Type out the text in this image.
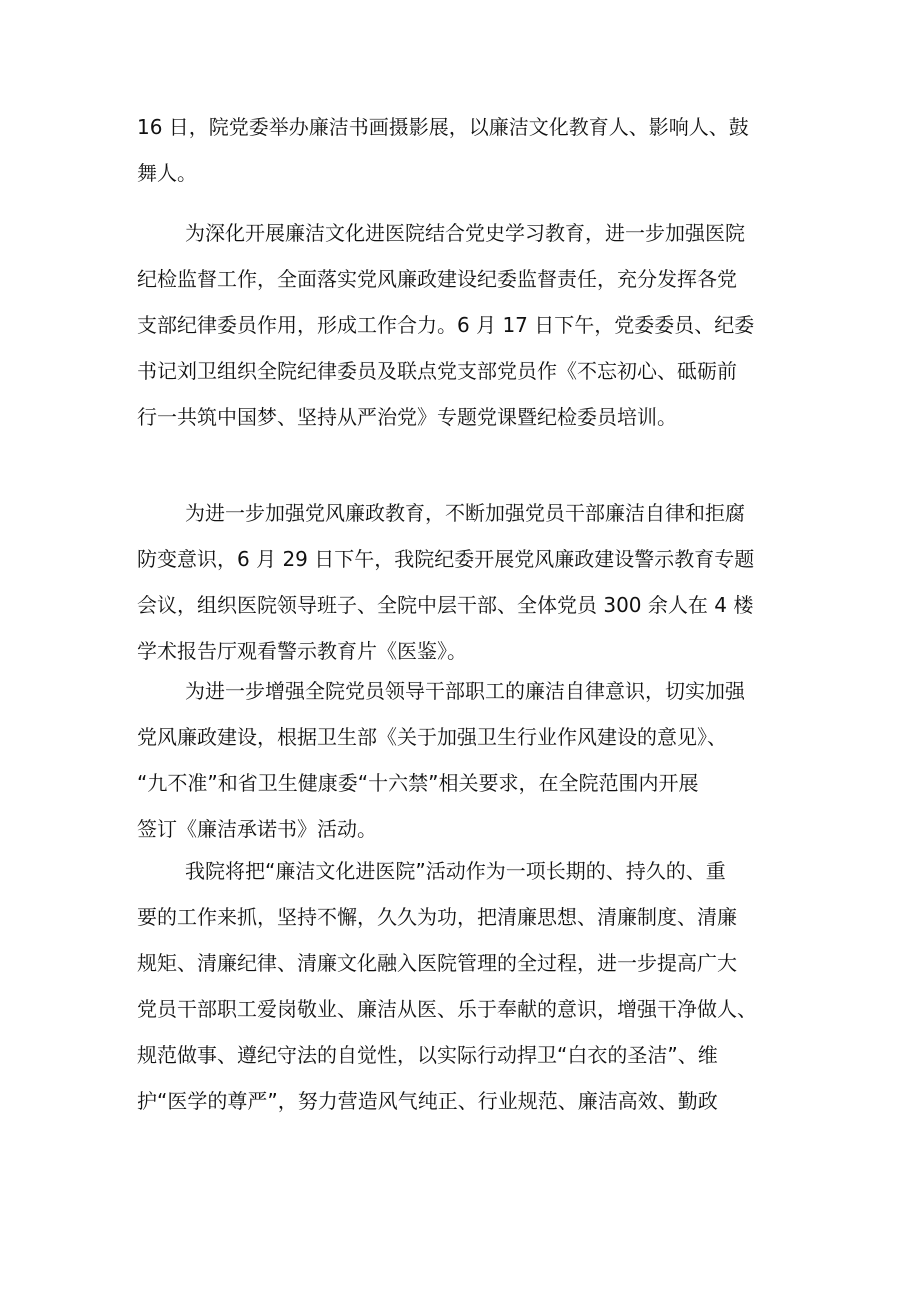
16 日，院党委举办廉洁书画摄影展，以廉洁文化教育人、影响人、鼓
舞人。
为深化开展廉洁文化进医院结合党史学习教育，进一步加强医院
纪检监督工作，全面落实党风廉政建设纪委监督责任，充分发挥各党
支部纪律委员作用，形成工作合力。6 月 17 日下午，党委委员、纪委
书记刘卫组织全院纪律委员及联点党支部党员作《不忘初心、砥砺前
行一共筑中国梦、坚持从严治党》专题党课暨纪检委员培训。
为进一步加强党风廉政教育，不断加强党员干部廉洁自律和拒腐
防变意识，6 月 29 日下午，我院纪委开展党风廉政建设警示教育专题
会议，组织医院领导班子、全院中层干部、全体党员 300 余人在 4 楼
学术报告厅观看警示教育片《医鉴》。
为进一步增强全院党员领导干部职工的廉洁自律意识，切实加强
党风廉政建设，根据卫生部《关于加强卫生行业作风建设的意见》、
“九不准”和省卫生健康委“十六禁”相关要求，在全院范围内开展
签订《廉洁承诺书》活动。
我院将把“廉洁文化进医院”活动作为一项长期的、持久的、重
要的工作来抓，坚持不懈，久久为功，把清廉思想、清廉制度、清廉
规矩、清廉纪律、清廉文化融入医院管理的全过程，进一步提高广大
党员干部职工爱岗敬业、廉洁从医、乐于奉献的意识，增强干净做人、
规范做事、遵纪守法的自觉性，以实际行动捍卫“白衣的圣洁”、维
护“医学的尊严”，努力营造风气纯正、行业规范、廉洁高效、勤政
